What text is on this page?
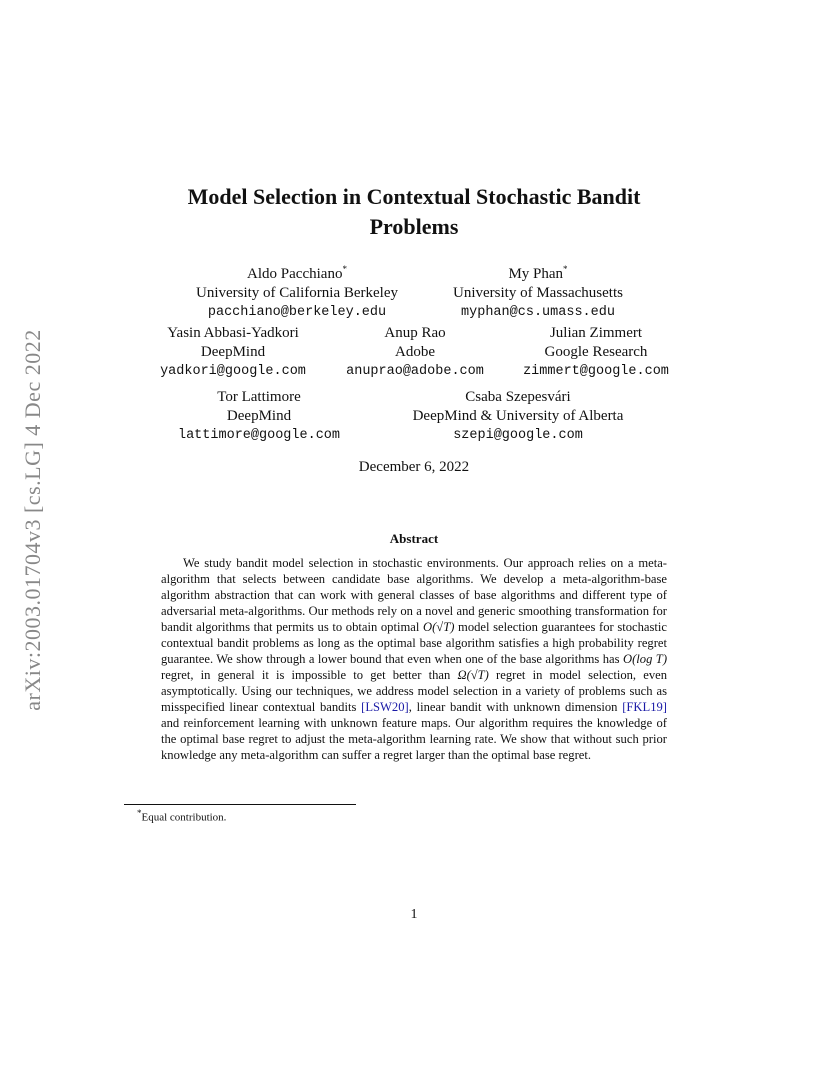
arXiv:2003.01704v3 [cs.LG] 4 Dec 2022
Model Selection in Contextual Stochastic Bandit
Problems
Aldo Pacchiano*
University of California Berkeley
pacchiano@berkeley.edu
My Phan*
University of Massachusetts
myphan@cs.umass.edu
Yasin Abbasi-Yadkori
DeepMind
yadkori@google.com
Anup Rao
Adobe
anuprao@adobe.com
Julian Zimmert
Google Research
zimmert@google.com
Tor Lattimore
DeepMind
lattimore@google.com
Csaba Szepesvári
DeepMind & University of Alberta
szepi@google.com
December 6, 2022
Abstract

We study bandit model selection in stochastic environments. Our approach relies on a meta-algorithm that selects between candidate base algorithms. We develop a meta-algorithm-base algorithm abstraction that can work with general classes of base algorithms and different type of adversarial meta-algorithms. Our methods rely on a novel and generic smoothing transformation for bandit algorithms that permits us to obtain optimal O(√T) model selection guarantees for stochastic contextual bandit problems as long as the optimal base algorithm satisfies a high probability regret guarantee. We show through a lower bound that even when one of the base algorithms has O(log T) regret, in general it is impossible to get better than Ω(√T) regret in model selection, even asymptotically. Using our techniques, we address model selection in a variety of problems such as misspecified linear contextual bandits [LSW20], linear bandit with unknown dimension [FKL19] and reinforcement learning with unknown feature maps. Our algorithm requires the knowledge of the optimal base regret to adjust the meta-algorithm learning rate. We show that without such prior knowledge any meta-algorithm can suffer a regret larger than the optimal base regret.

*Equal contribution.
1
